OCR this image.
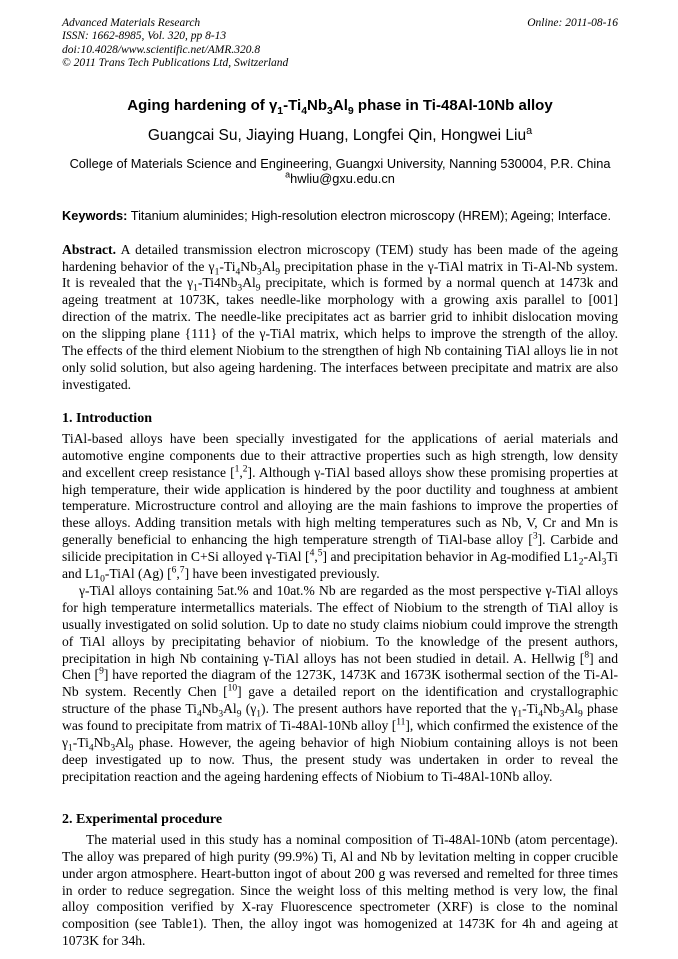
Advanced Materials Research
ISSN: 1662-8985, Vol. 320, pp 8-13
doi:10.4028/www.scientific.net/AMR.320.8
© 2011 Trans Tech Publications Ltd, Switzerland
Online: 2011-08-16
Aging hardening of $\gamma_1-Ti_4Nb_3Al_9$ phase in Ti-48Al-10Nb alloy
Guangcai Su, Jiaying Huang, Longfei Qin, Hongwei Liu$^a$
College of Materials Science and Engineering, Guangxi University, Nanning 530004, P.R. China
$^a$hwliu@gxu.edu.cn
Keywords: Titanium aluminides; High-resolution electron microscopy (HREM); Ageing; Interface.

Abstract. A detailed transmission electron microscopy (TEM) study has been made of the ageing hardening behavior of the $\gamma_1-Ti_4Nb_3Al_9$ precipitation phase in the γ-TiAl matrix in Ti-Al-Nb system. It is revealed that the $\gamma_1-Ti4Nb_3Al_9$ precipitate, which is formed by a normal quench at 1473k and ageing treatment at 1073K, takes needle-like morphology with a growing axis parallel to [001] direction of the matrix. The needle-like precipitates act as barrier grid to inhibit dislocation moving on the slipping plane {111} of the γ-TiAl matrix, which helps to improve the strength of the alloy. The effects of the third element Niobium to the strengthen of high Nb containing TiAl alloys lie in not only solid solution, but also ageing hardening. The interfaces between precipitate and matrix are also investigated.

1. Introduction

TiAl-based alloys have been specially investigated for the applications of aerial materials and automotive engine components due to their attractive properties such as high strength, low density and excellent creep resistance [$^1$,$^2$]. Although γ-TiAl based alloys show these promising properties at high temperature, their wide application is hindered by the poor ductility and toughness at ambient temperature. Microstructure control and alloying are the main fashions to improve the properties of these alloys. Adding transition metals with high melting temperatures such as Nb, V, Cr and Mn is generally beneficial to enhancing the high temperature strength of TiAl-base alloy [$^3$]. Carbide and silicide precipitation in C+Si alloyed γ-TiAl [$^4$,$^5$] and precipitation behavior in Ag-modified $L1_2-Al_3Ti$ and $L1_0$-TiAl (Ag) [$^6$,$^7$] have been investigated previously.

γ-TiAl alloys containing 5at.% and 10at.% Nb are regarded as the most perspective γ-TiAl alloys for high temperature intermetallics materials. The effect of Niobium to the strength of TiAl alloy is usually investigated on solid solution. Up to date no study claims niobium could improve the strength of TiAl alloys by precipitating behavior of niobium. To the knowledge of the present authors, precipitation in high Nb containing γ-TiAl alloys has not been studied in detail. A. Hellwig [$^8$] and Chen [$^9$] have reported the diagram of the 1273K, 1473K and 1673K isothermal section of the Ti-Al-Nb system. Recently Chen [$^{10}$] gave a detailed report on the identification and crystallographic structure of the phase $Ti_4Nb_3Al_9$ $(\gamma_1)$. The present authors have reported that the $\gamma_1-Ti_4Nb_3Al_9$ phase was found to precipitate from matrix of Ti-48Al-10Nb alloy [$^{11}$], which confirmed the existence of the $\gamma_1-Ti_4Nb_3Al_9$ phase. However, the ageing behavior of high Niobium containing alloys is not been deep investigated up to now. Thus, the present study was undertaken in order to reveal the precipitation reaction and the ageing hardening effects of Niobium to Ti-48Al-10Nb alloy.

2. Experimental procedure

The material used in this study has a nominal composition of Ti-48Al-10Nb (atom percentage). The alloy was prepared of high purity (99.9%) Ti, Al and Nb by levitation melting in copper crucible under argon atmosphere. Heart-button ingot of about 200 g was reversed and remelted for three times in order to reduce segregation. Since the weight loss of this melting method is very low, the final alloy composition verified by X-ray Fluorescence spectrometer (XRF) is close to the nominal composition (see Table1). Then, the alloy ingot was homogenized at 1473K for 4h and ageing at 1073K for 34h.
